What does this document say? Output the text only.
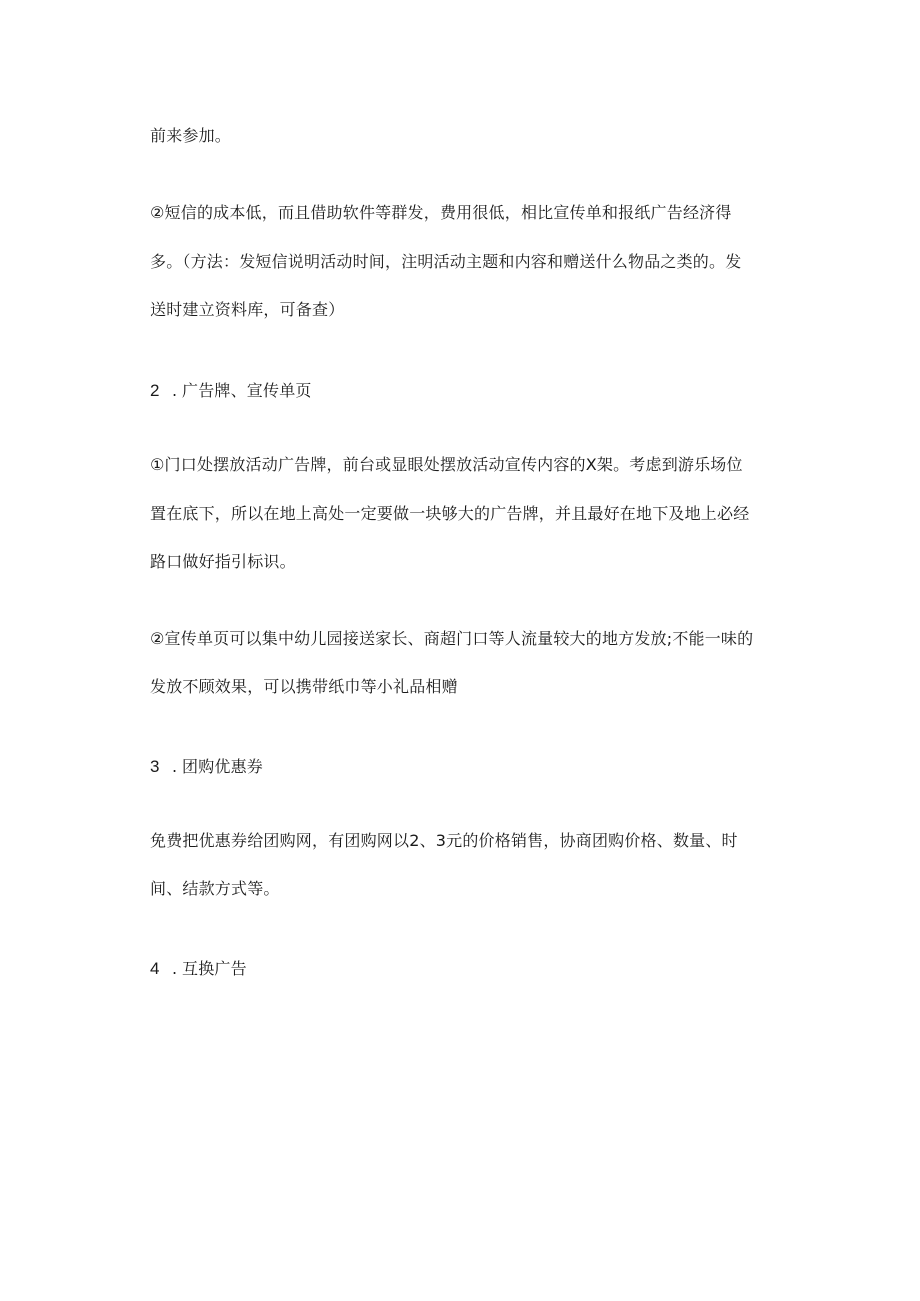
前来参加。
②短信的成本低，而且借助软件等群发，费用很低，相比宣传单和报纸广告经济得
多。（方法：发短信说明活动时间，注明活动主题和内容和赠送什么物品之类的。发
送时建立资料库，可备查）
2 . 广告牌、宣传单页
①门口处摆放活动广告牌，前台或显眼处摆放活动宣传内容的X架。考虑到游乐场位
置在底下，所以在地上高处一定要做一块够大的广告牌，并且最好在地下及地上必经
路口做好指引标识。
②宣传单页可以集中幼儿园接送家长、商超门口等人流量较大的地方发放;不能一味的
发放不顾效果，可以携带纸巾等小礼品相赠
3 . 团购优惠券
免费把优惠券给团购网，有团购网以2、3元的价格销售，协商团购价格、数量、时
间、结款方式等。
4 . 互换广告
